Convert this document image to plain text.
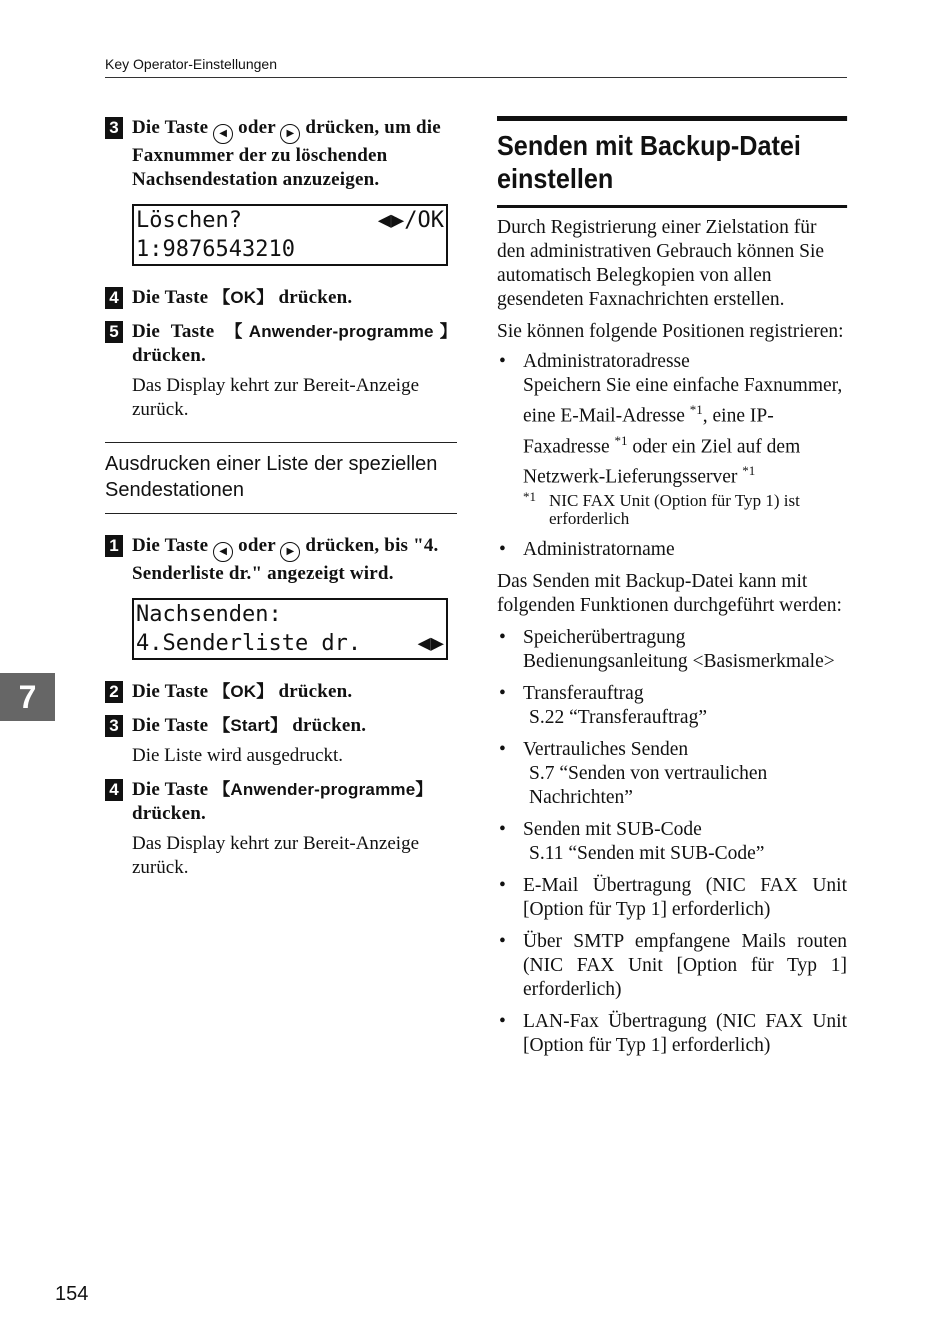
Key Operator-Einstellungen
7
3 Die Taste ◀ oder ▶ drücken, um die Faxnummer der zu löschenden Nachsendestation anzuzeigen.
Löschen?	◀▶/OK
1:9876543210
4 Die Taste 【OK】 drücken.
5 Die Taste 【Anwender-programme】 drücken.
Das Display kehrt zur Bereit-Anzeige zurück.
Ausdrucken einer Liste der speziellen Sendestationen
1 Die Taste ◀ oder ▶ drücken, bis "4. Senderliste dr." angezeigt wird.
Nachsenden:
4.Senderliste dr.	◀▶
2 Die Taste 【OK】 drücken.
3 Die Taste 【Start】 drücken.
Die Liste wird ausgedruckt.
4 Die Taste 【Anwender-programme】 drücken.
Das Display kehrt zur Bereit-Anzeige zurück.
Senden mit Backup-Datei einstellen

Durch Registrierung einer Zielstation für den administrativen Gebrauch können Sie automatisch Belegkopien von allen gesendeten Faxnachrichten erstellen.

Sie können folgende Positionen registrieren:

• Administratoradresse
Speichern Sie eine einfache Faxnummer, eine E-Mail-Adresse $^{*1}$, eine IP-Faxadresse $^{*1}$ oder ein Ziel auf dem Netzwerk-Lieferungsserver $^{*1}$
*1 NIC FAX Unit (Option für Typ 1) ist erforderlich
• Administratorname

Das Senden mit Backup-Datei kann mit folgenden Funktionen durchgeführt werden:

• Speicherübertragung
Bedienungsanleitung <Basismerkmale>
• Transferauftrag
S.22 “Transferauftrag”
• Vertrauliches Senden
S.7 “Senden von vertraulichen Nachrichten”
• Senden mit SUB-Code
S.11 “Senden mit SUB-Code”
• E-Mail Übertragung (NIC FAX Unit [Option für Typ 1] erforderlich)
• Über SMTP empfangene Mails routen (NIC FAX Unit [Option für Typ 1] erforderlich)
• LAN-Fax Übertragung (NIC FAX Unit [Option für Typ 1] erforderlich)
154
